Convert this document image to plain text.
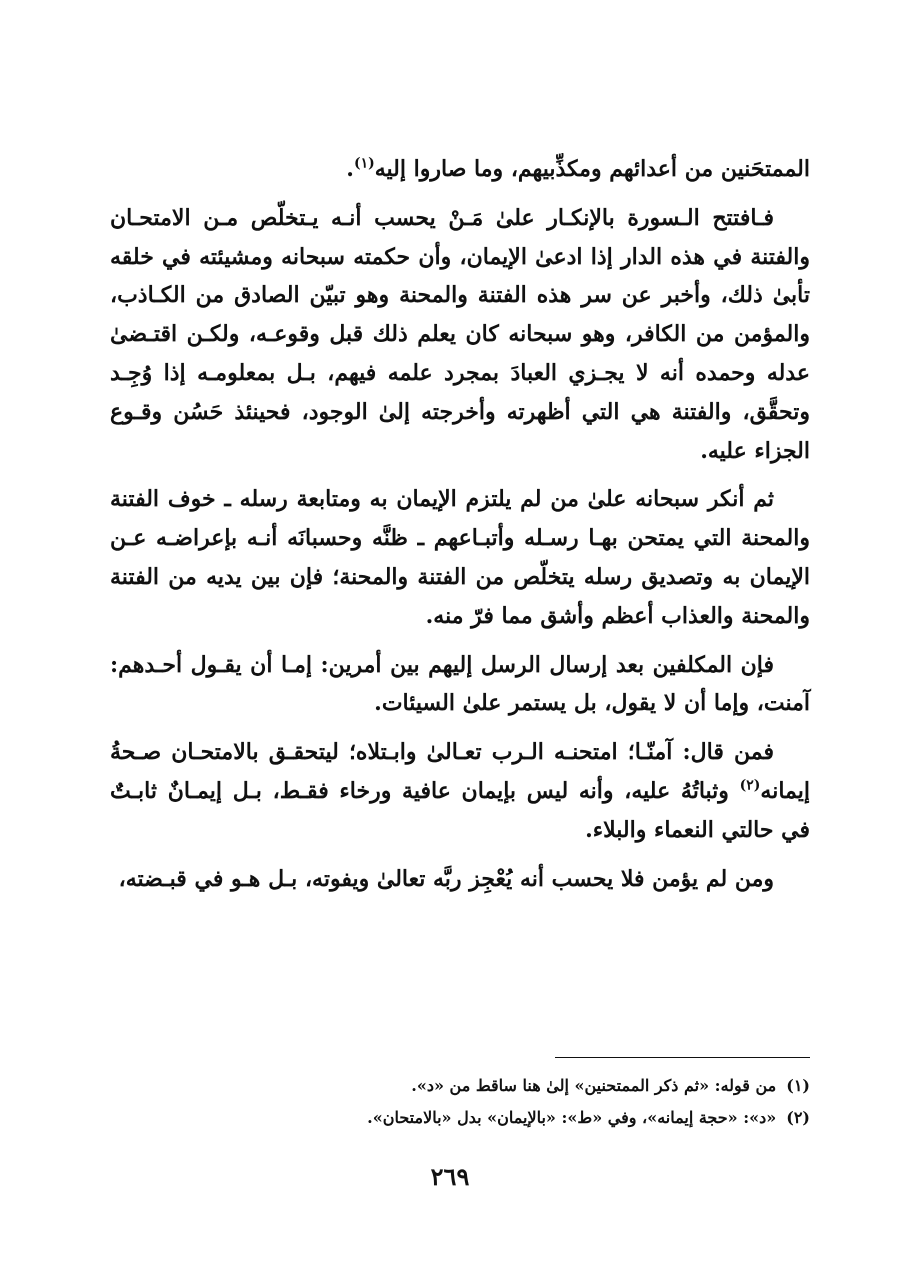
الممتحَنين من أعدائهم ومكذِّبيهم، وما صاروا إليه$^{(١)}$.

فـافتتح الـسورة بالإنكـار علىٰ مَـنْ يحسب أنـه يـتخلّص مـن الامتحـان والفتنة في هذه الدار إذا ادعىٰ الإيمان، وأن حكمته سبحانه ومشيئته في خلقه تأبىٰ ذلك، وأخبر عن سر هذه الفتنة والمحنة وهو تبيّن الصادق من الكـاذب، والمؤمن من الكافر، وهو سبحانه كان يعلم ذلك قبل وقوعـه، ولكـن اقتـضىٰ عدله وحمده أنه لا يجـزي العبادَ بمجرد علمه فيهم، بـل بمعلومـه إذا وُجِـد وتحقَّق، والفتنة هي التي أظهرته وأخرجته إلىٰ الوجود، فحينئذ حَسُن وقـوع الجزاء عليه.

ثم أنكر سبحانه علىٰ من لم يلتزم الإيمان به ومتابعة رسله ـ خوف الفتنة والمحنة التي يمتحن بهـا رسـله وأتبـاعهم ـ ظنَّه وحسبانَه أنـه بإعراضـه عـن الإيمان به وتصديق رسله يتخلّص من الفتنة والمحنة؛ فإن بين يديه من الفتنة والمحنة والعذاب أعظم وأشق مما فرّ منه.

فإن المكلفين بعد إرسال الرسل إليهم بين أمرين: إمـا أن يقـول أحـدهم: آمنت، وإما أن لا يقول، بل يستمر علىٰ السيئات.

فمن قال: آمنّـا؛ امتحنـه الـرب تعـالىٰ وابـتلاه؛ ليتحقـق بالامتحـان صـحةُ إيمانه$^{(٢)}$ وثباتُهُ عليه، وأنه ليس بإيمان عافية ورخاء فقـط، بـل إيمـانٌ ثابـتٌ في حالتي النعماء والبلاء.

ومن لم يؤمن فلا يحسب أنه يُعْجِز ربَّه تعالىٰ ويفوته، بـل هـو في قبـضته،

(١)من قوله: «ثم ذكر الممتحنين» إلىٰ هنا ساقط من «د».

(٢)«د»: «حجة إيمانه»، وفي «ط»: «بالإيمان» بدل «بالامتحان».

٢٦٩
